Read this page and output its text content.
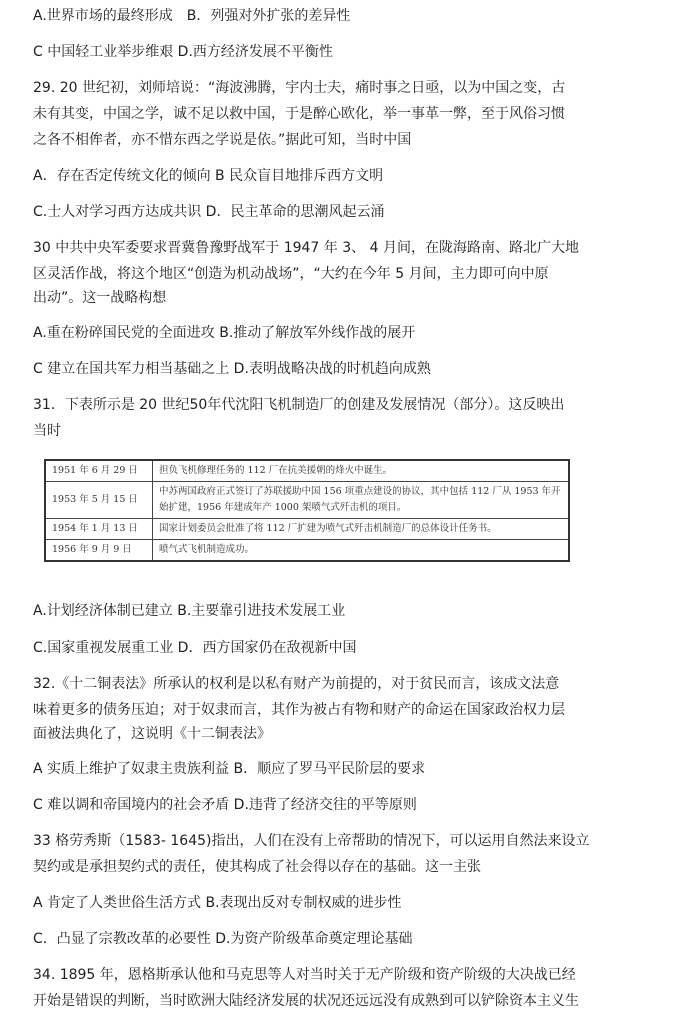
A.世界市场的最终形成　B．列强对外扩张的差异性
C 中国轻工业举步维艰 D.西方经济发展不平衡性
29. 20 世纪初，刘师培说：“海波沸腾，宇内士夫，痛时事之日亟，以为中国之变，古
未有其变，中国之学，诚不足以救中国，于是醉心欧化，举一事革一弊，至于风俗习惯
之各不相侔者，亦不惜东西之学说是依。”据此可知，当时中国
A．存在否定传统文化的倾向 B 民众盲目地排斥西方文明
C.士人对学习西方达成共识 D．民主革命的思潮风起云涌
30 中共中央军委要求晋冀鲁豫野战军于 1947 年 3、 4 月间，在陇海路南、路北广大地
区灵活作战，将这个地区“创造为机动战场”，“大约在今年 5 月间，主力即可向中原
出动”。这一战略构想
A.重在粉碎国民党的全面进攻 B.推动了解放军外线作战的展开
C 建立在国共军力相当基础之上 D.表明战略决战的时机趋向成熟
31．下表所示是 20 世纪50年代沈阳飞机制造厂的创建及发展情况（部分）。这反映出
当时
1951 年 6 月 29 日	担负飞机修理任务的 112 厂在抗美援朝的烽火中诞生。
1953 年 5 月 15 日	中苏两国政府正式签订了苏联援助中国 156 项重点建设的协议，其中包括 112 厂从 1953 年开始扩建，1956 年建成年产 1000 架喷气式歼击机的项目。
1954 年 1 月 13 日	国家计划委员会批准了将 112 厂扩建为喷气式歼击机制造厂的总体设计任务书。
1956 年 9 月 9 日	喷气式飞机制造成功。
A.计划经济体制已建立 B.主要靠引进技术发展工业
C.国家重视发展重工业 D．西方国家仍在敌视新中国
32.《十二铜表法》所承认的权利是以私有财产为前提的，对于贫民而言，该成文法意
味着更多的债务压迫；对于奴隶而言，其作为被占有物和财产的命运在国家政治权力层
面被法典化了，这说明《十二铜表法》
A 实质上维护了奴隶主贵族利益 B．顺应了罗马平民阶层的要求
C 难以调和帝国境内的社会矛盾 D.违背了经济交往的平等原则
33 格劳秀斯（1583- 1645)指出，人们在没有上帝帮助的情况下，可以运用自然法来设立
契约或是承担契约式的责任，使其构成了社会得以存在的基础。这一主张
A 肯定了人类世俗生活方式 B.表现出反对专制权威的进步性
C．凸显了宗教改革的必要性 D.为资产阶级革命奠定理论基础
34. 1895 年，恩格斯承认他和马克思等人对当时关于无产阶级和资产阶级的大决战已经
开始是错误的判断，当时欧洲大陆经济发展的状况还远远没有成熟到可以铲除资本主义生
